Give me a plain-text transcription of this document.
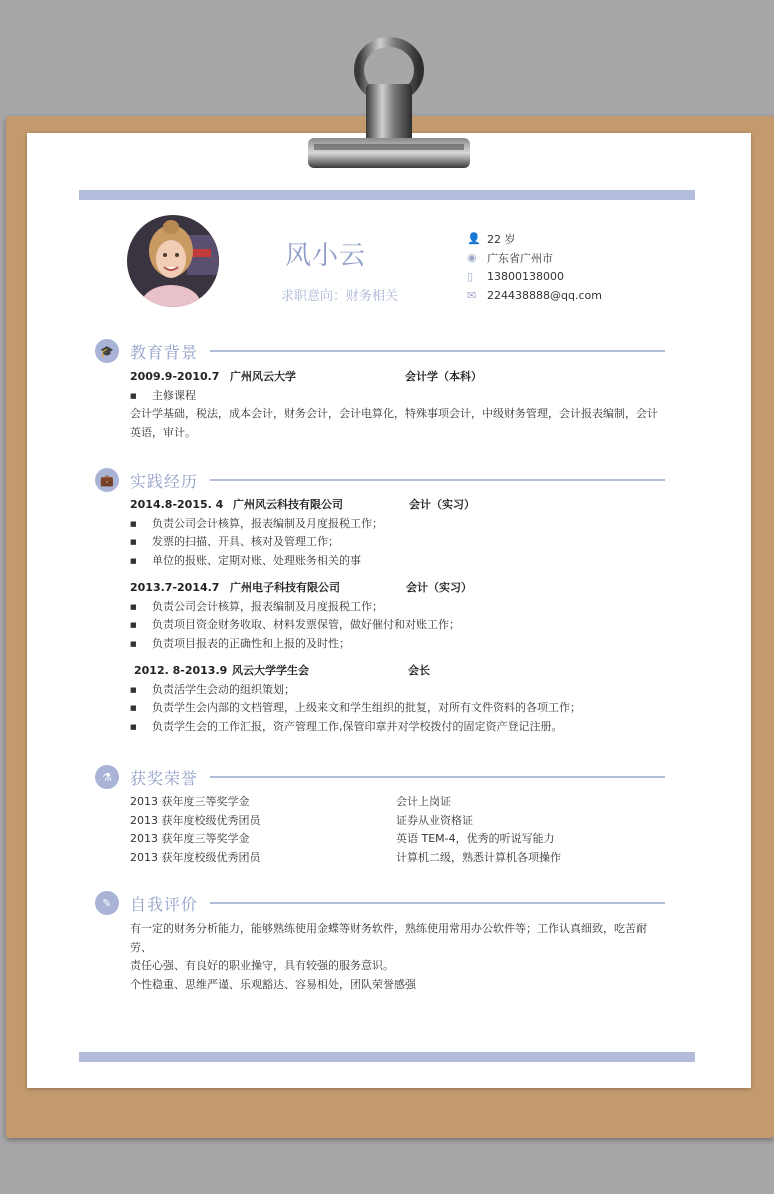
风小云
求职意向：财务相关
👤 22 岁
◉ 广东省广州市
▯	13800138000
✉ 224438888@qq.com
🎓	教育背景
2009.9-2010.7 广州风云大学	会计学（本科）
■ 主修课程
会计学基础，税法，成本会计，财务会计，会计电算化，特殊事项会计，中级财务管理，会计报表编制，会计
英语，审计。
💼	实践经历
2014.8-2015. 4 广州风云科技有限公司	会计（实习）
■ 负责公司会计核算，报表编制及月度报税工作；
■ 发票的扫描、开具、核对及管理工作；
■ 单位的报账、定期对账、处理账务相关的事
2013.7-2014.7 广州电子科技有限公司	会计（实习）
■ 负责公司会计核算，报表编制及月度报税工作；
■ 负责项目资金财务收取、材料发票保管，做好催付和对账工作；
■ 负责项目报表的正确性和上报的及时性；
2012. 8-2013.9 风云大学学生会	会长
■ 负责活学生会动的组织策划；
■ 负责学生会内部的文档管理，上级来文和学生组织的批复，对所有文件资料的各项工作；
■ 负责学生会的工作汇报，资产管理工作,保管印章并对学校拨付的固定资产登记注册。
⚗	获奖荣誉
2013 获年度三等奖学金	会计上岗证
2013 获年度校级优秀团员	证券从业资格证
2013 获年度三等奖学金	英语 TEM-4，优秀的听说写能力
2013 获年度校级优秀团员	计算机二级，熟悉计算机各项操作
✎	自我评价
有一定的财务分析能力，能够熟练使用金蝶等财务软件，熟练使用常用办公软件等；工作认真细致，吃苦耐劳、
责任心强、有良好的职业操守，具有较强的服务意识。
个性稳重、思维严谨、乐观豁达、容易相处，团队荣誉感强
